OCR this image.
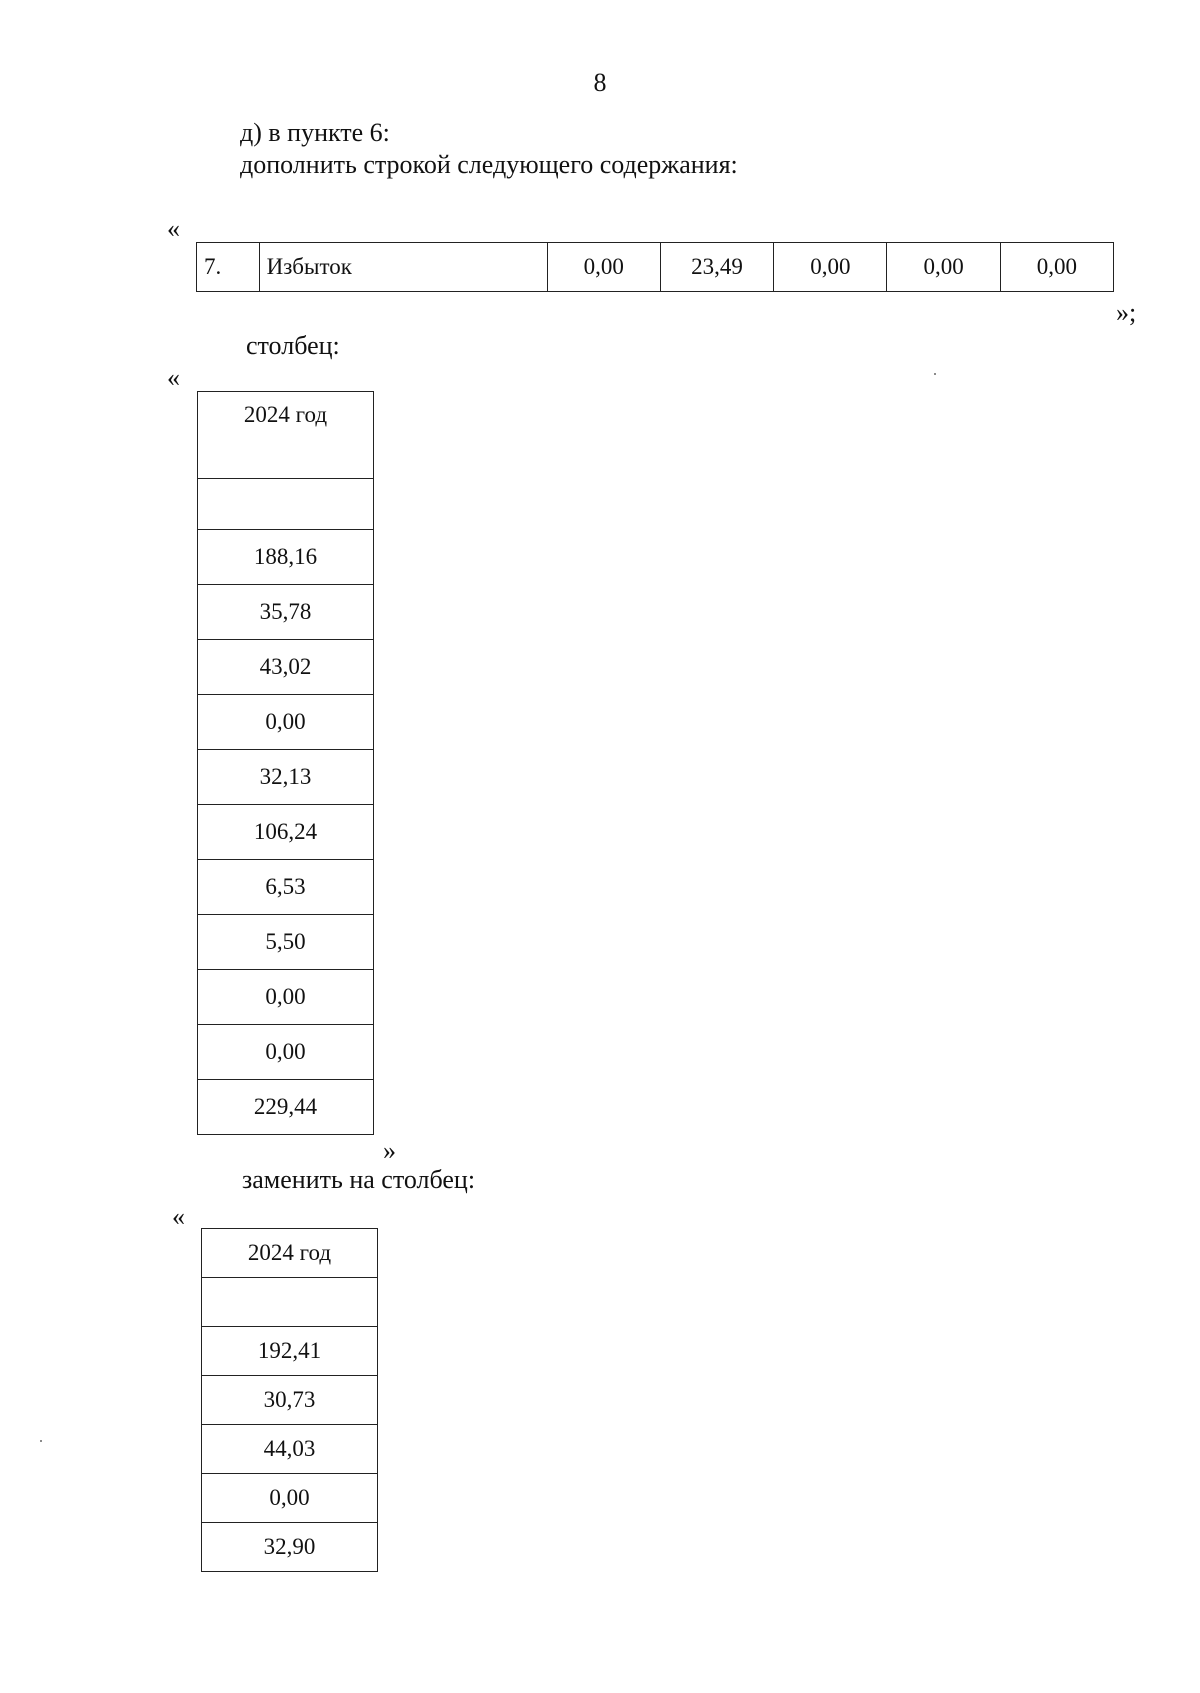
8
д) в пункте 6:
дополнить строкой следующего содержания:
«
7.	Избыток	0,00	23,49	0,00	0,00	0,00
»;
столбец:
«
2024 год

188,16
35,78
43,02
0,00
32,13
106,24
6,53
5,50
0,00
0,00
229,44
»
заменить на столбец:
«
2024 год

192,41
30,73
44,03
0,00
32,90
